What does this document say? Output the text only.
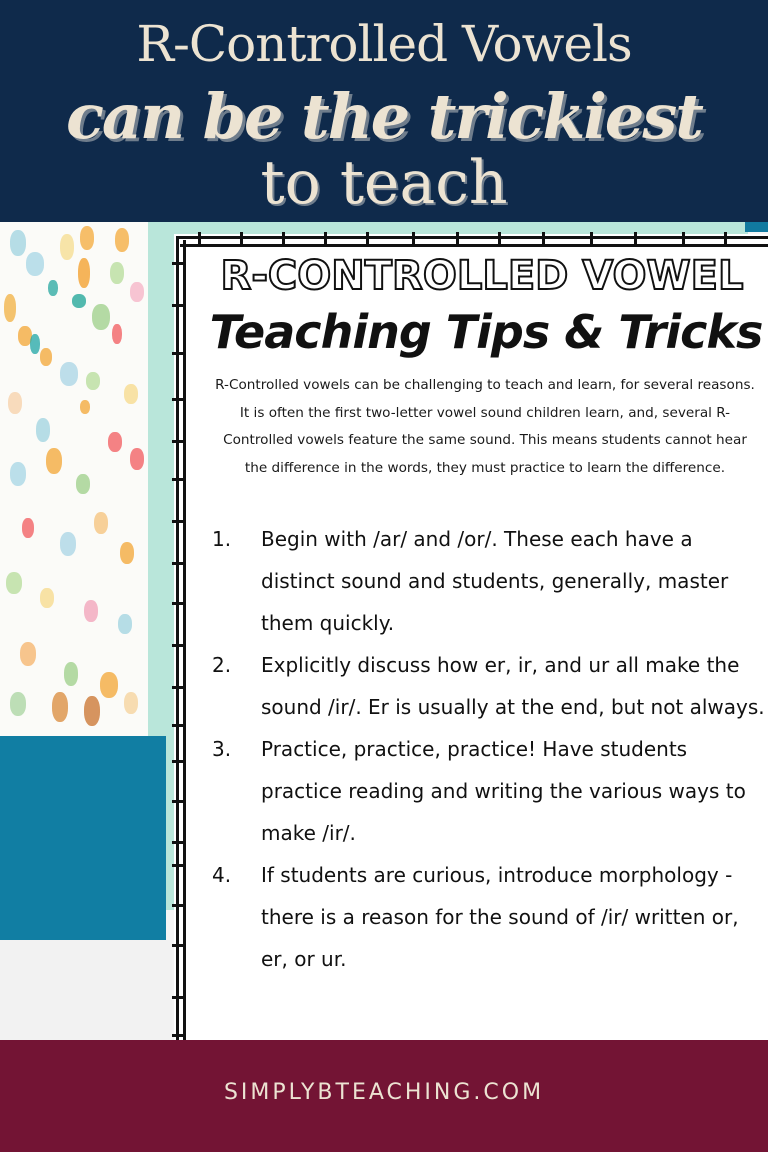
R-Controlled Vowels
can be the trickiest
to teach
R-CONTROLLED VOWEL
Teaching Tips & Tricks
R-Controlled vowels can be challenging to teach and learn, for several reasons. It is often the first two-letter vowel sound children learn, and, several R-Controlled vowels feature the same sound. This means students cannot hear the difference in the words, they must practice to learn the difference.
1. Begin with /ar/ and /or/. These each have a distinct sound and students, generally, master them quickly.
2. Explicitly discuss how er, ir, and ur all make the sound /ir/. Er is usually at the end, but not always.
3. Practice, practice, practice! Have students practice reading and writing the various ways to make /ir/.
4. If students are curious, introduce morphology - there is a reason for the sound of /ir/ written or, er, or ur.
SIMPLYBTEACHING.COM
